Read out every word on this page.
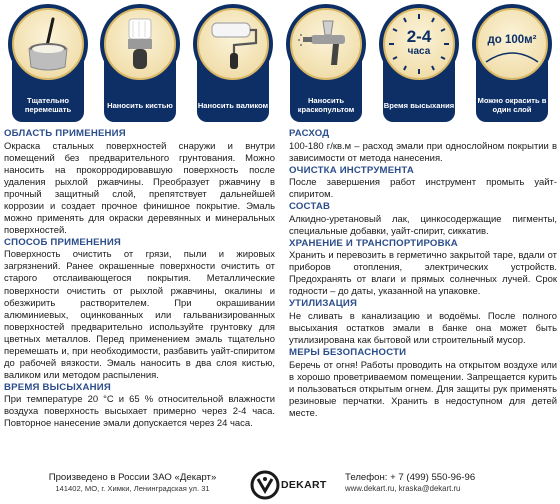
Тщательно перемешать	Наносить кистью	Наносить валиком	Наносить краскопультом
2-4
часа
Время высыхания
до 100м²
Можно окрасить в один слой
ОБЛАСТЬ ПРИМЕНЕНИЯ

Окраска стальных поверхностей снаружи и внутри помещений без предварительного грунтования. Можно наносить на прокорродировавшую поверхность после удаления рыхлой ржавчины. Преобразует ржавчину в прочный защитный слой, препятствует дальнейшей коррозии и создает прочное финишное покрытие. Эмаль можно применять для окраски деревянных и минеральных поверхностей.

СПОСОБ ПРИМЕНЕНИЯ

Поверхность очистить от грязи, пыли и жировых загрязнений. Ранее окрашенные поверхности очистить от старого отслаивающегося покрытия. Металлические поверхности очистить от рыхлой ржавчины, окалины и обезжирить растворителем. При окрашивании алюминиевых, оцинкованных или гальванизированных поверхностей предварительно используйте грунтовку для цветных металлов. Перед применением эмаль тщательно перемешать и, при необходимости, разбавить уайт-спиритом до рабочей вязкости. Эмаль наносить в два слоя кистью, валиком или методом распыления.

ВРЕМЯ ВЫСЫХАНИЯ

При температуре 20 °С и 65 % относительной влажности воздуха поверхность высыхает примерно через 2-4 часа. Повторное нанесение эмали допускается через 24 часа.

РАСХОД

100-180 г/кв.м – расход эмали при однослойном покрытии в зависимости от метода нанесения.

ОЧИСТКА ИНСТРУМЕНТА

После завершения работ инструмент промыть уайт-спиритом.

СОСТАВ

Алкидно-уретановый лак, цинкосодержащие пигменты, специальные добавки, уайт-спирит, сиккатив.

ХРАНЕНИЕ И ТРАНСПОРТИРОВКА

Хранить и перевозить в герметично закрытой таре, вдали от приборов отопления, электрических устройств. Предохранять от влаги и прямых солнечных лучей. Срок годности – до даты, указанной на упаковке.

УТИЛИЗАЦИЯ

Не сливать в канализацию и водоёмы. После полного высыхания остатков эмали в банке она может быть утилизирована как бытовой или строительный мусор.

МЕРЫ БЕЗОПАСНОСТИ

Беречь от огня! Работы проводить на открытом воздухе или в хорошо проветриваемом помещении. Запрещается курить и пользоваться открытым огнем. Для защиты рук применять резиновые перчатки. Хранить в недоступном для детей месте.

Произведено в России ЗАО «Декарт»
141402, МО, г. Химки, Ленинградская ул. 31	DEKART
Телефон: + 7 (499) 550-96-96
www.dekart.ru, kraska@dekart.ru
